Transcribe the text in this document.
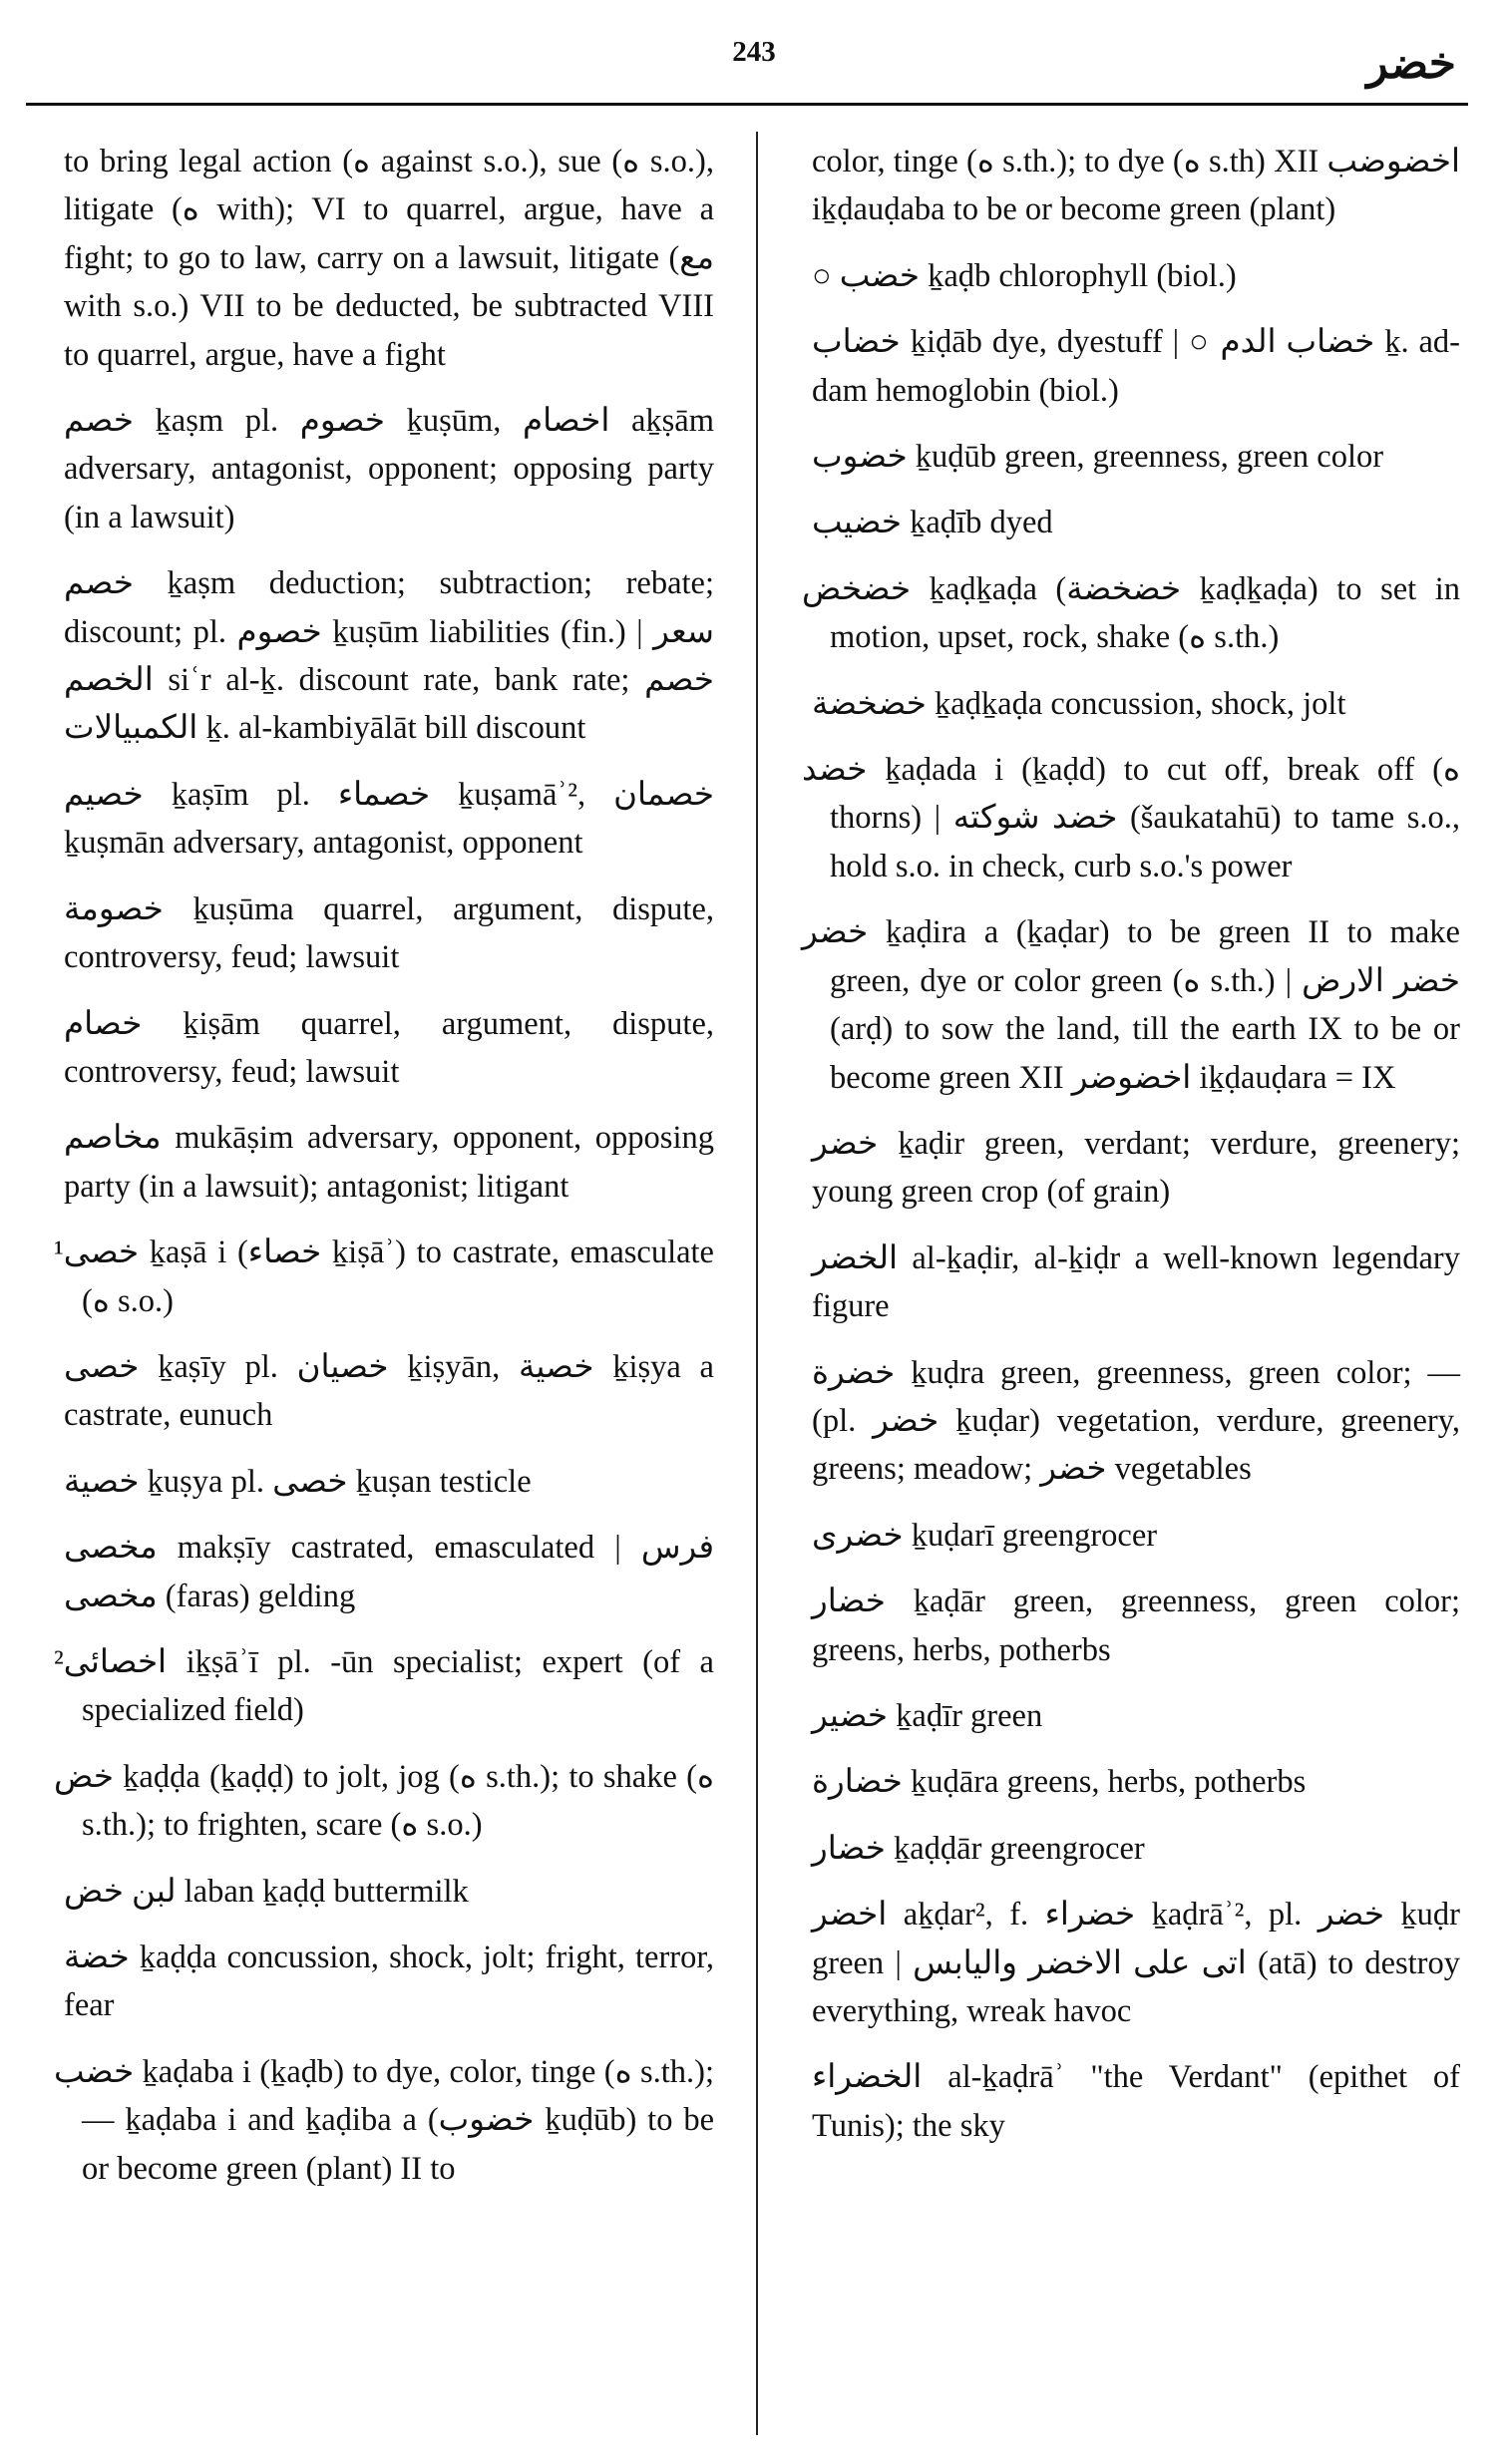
243	خضر

to bring legal action (ه against s.o.), sue (ه s.o.), litigate (ه with); VI to quarrel, argue, have a fight; to go to law, carry on a lawsuit, litigate (مع with s.o.) VII to be deducted, be subtracted VIII to quarrel, argue, have a fight

خصم ḵaṣm pl. خصوم ḵuṣūm, اخصام aḵṣām adversary, antagonist, opponent; opposing party (in a lawsuit)

خصم ḵaṣm deduction; subtraction; rebate; discount; pl. خصوم ḵuṣūm liabilities (fin.) | سعر الخصم siʿr al-ḵ. discount rate, bank rate; خصم الكمبيالات ḵ. al-kambiyālāt bill discount

خصيم ḵaṣīm pl. خصماء ḵuṣamāʾ², خصمان ḵuṣmān adversary, antagonist, opponent

خصومة ḵuṣūma quarrel, argument, dispute, controversy, feud; lawsuit

خصام ḵiṣām quarrel, argument, dispute, controversy, feud; lawsuit

مخاصم mukāṣim adversary, opponent, opposing party (in a lawsuit); antagonist; litigant

¹خصى ḵaṣā i (خصاء ḵiṣāʾ) to castrate, emasculate (ه s.o.)

خصى ḵaṣīy pl. خصيان ḵiṣyān, خصية ḵiṣya a castrate, eunuch

خصية ḵuṣya pl. خصى ḵuṣan testicle

مخصى makṣīy castrated, emasculated | فرس مخصى (faras) gelding

²اخصائى iḵṣāʾī pl. -ūn specialist; expert (of a specialized field)

خض ḵaḍḍa (ḵaḍḍ) to jolt, jog (ه s.th.); to shake (ه s.th.); to frighten, scare (ه s.o.)

لبن خض laban ḵaḍḍ buttermilk

خضة ḵaḍḍa concussion, shock, jolt; fright, terror, fear

خضب ḵaḍaba i (ḵaḍb) to dye, color, tinge (ه s.th.); — ḵaḍaba i and ḵaḍiba a (خضوب ḵuḍūb) to be or become green (plant) II to

color, tinge (ه s.th.); to dye (ه s.th) XII اخضوضب iḵḍauḍaba to be or become green (plant)

○ خضب ḵaḍb chlorophyll (biol.)

خضاب ḵiḍāb dye, dyestuff | ○ خضاب الدم ḵ. ad-dam hemoglobin (biol.)

خضوب ḵuḍūb green, greenness, green color

خضيب ḵaḍīb dyed

خضخض ḵaḍḵaḍa (خضخضة ḵaḍḵaḍa) to set in motion, upset, rock, shake (ه s.th.)

خضخضة ḵaḍḵaḍa concussion, shock, jolt

خضد ḵaḍada i (ḵaḍd) to cut off, break off (ه thorns) | خضد شوكته (šaukatahū) to tame s.o., hold s.o. in check, curb s.o.'s power

خضر ḵaḍira a (ḵaḍar) to be green II to make green, dye or color green (ه s.th.) | خضر الارض (arḍ) to sow the land, till the earth IX to be or become green XII اخضوضر iḵḍauḍara = IX

خضر ḵaḍir green, verdant; verdure, greenery; young green crop (of grain)

الخضر al-ḵaḍir, al-ḵiḍr a well-known legendary figure

خضرة ḵuḍra green, greenness, green color; — (pl. خضر ḵuḍar) vegetation, verdure, greenery, greens; meadow; خضر vegetables

خضرى ḵuḍarī greengrocer

خضار ḵaḍār green, greenness, green color; greens, herbs, potherbs

خضير ḵaḍīr green

خضارة ḵuḍāra greens, herbs, potherbs

خضار ḵaḍḍār greengrocer

اخضر aḵḍar², f. خضراء ḵaḍrāʾ², pl. خضر ḵuḍr green | اتى على الاخضر واليابس (atā) to destroy everything, wreak havoc

الخضراء al-ḵaḍrāʾ "the Verdant" (epithet of Tunis); the sky
